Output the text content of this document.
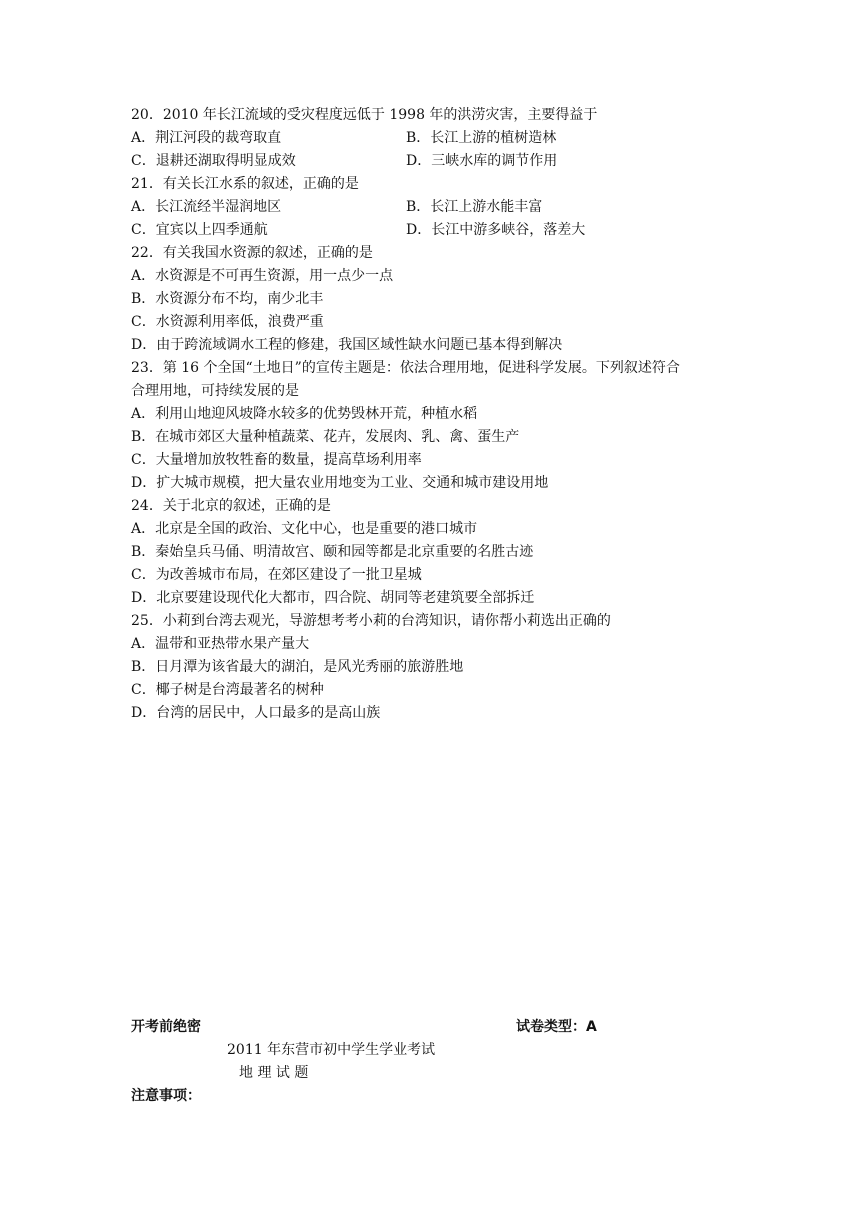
20．2010 年长江流域的受灾程度远低于 1998 年的洪涝灾害，主要得益于
A．荆江河段的裁弯取直	B．长江上游的植树造林
C．退耕还湖取得明显成效	D．三峡水库的调节作用
21．有关长江水系的叙述，正确的是
A．长江流经半湿润地区	B．长江上游水能丰富
C．宜宾以上四季通航	D．长江中游多峡谷，落差大
22．有关我国水资源的叙述，正确的是
A．水资源是不可再生资源，用一点少一点
B．水资源分布不均，南少北丰
C．水资源利用率低，浪费严重
D．由于跨流域调水工程的修建，我国区域性缺水问题已基本得到解决
23．第 16 个全国“土地日”的宣传主题是：依法合理用地，促进科学发展。下列叙述符合
合理用地，可持续发展的是
A．利用山地迎风坡降水较多的优势毁林开荒，种植水稻
B．在城市郊区大量种植蔬菜、花卉，发展肉、乳、禽、蛋生产
C．大量增加放牧牲畜的数量，提高草场利用率
D．扩大城市规模，把大量农业用地变为工业、交通和城市建设用地
24．关于北京的叙述，正确的是
A．北京是全国的政治、文化中心，也是重要的港口城市
B．秦始皇兵马俑、明清故宫、颐和园等都是北京重要的名胜古迹
C．为改善城市布局，在郊区建设了一批卫星城
D．北京要建设现代化大都市，四合院、胡同等老建筑要全部拆迁
25．小莉到台湾去观光，导游想考考小莉的台湾知识，请你帮小莉选出正确的
A．温带和亚热带水果产量大
B．日月潭为该省最大的湖泊，是风光秀丽的旅游胜地
C．椰子树是台湾最著名的树种
D．台湾的居民中，人口最多的是高山族
开考前绝密	试卷类型：A
2011 年东营市初中学生学业考试
地 理 试 题
注意事项：
